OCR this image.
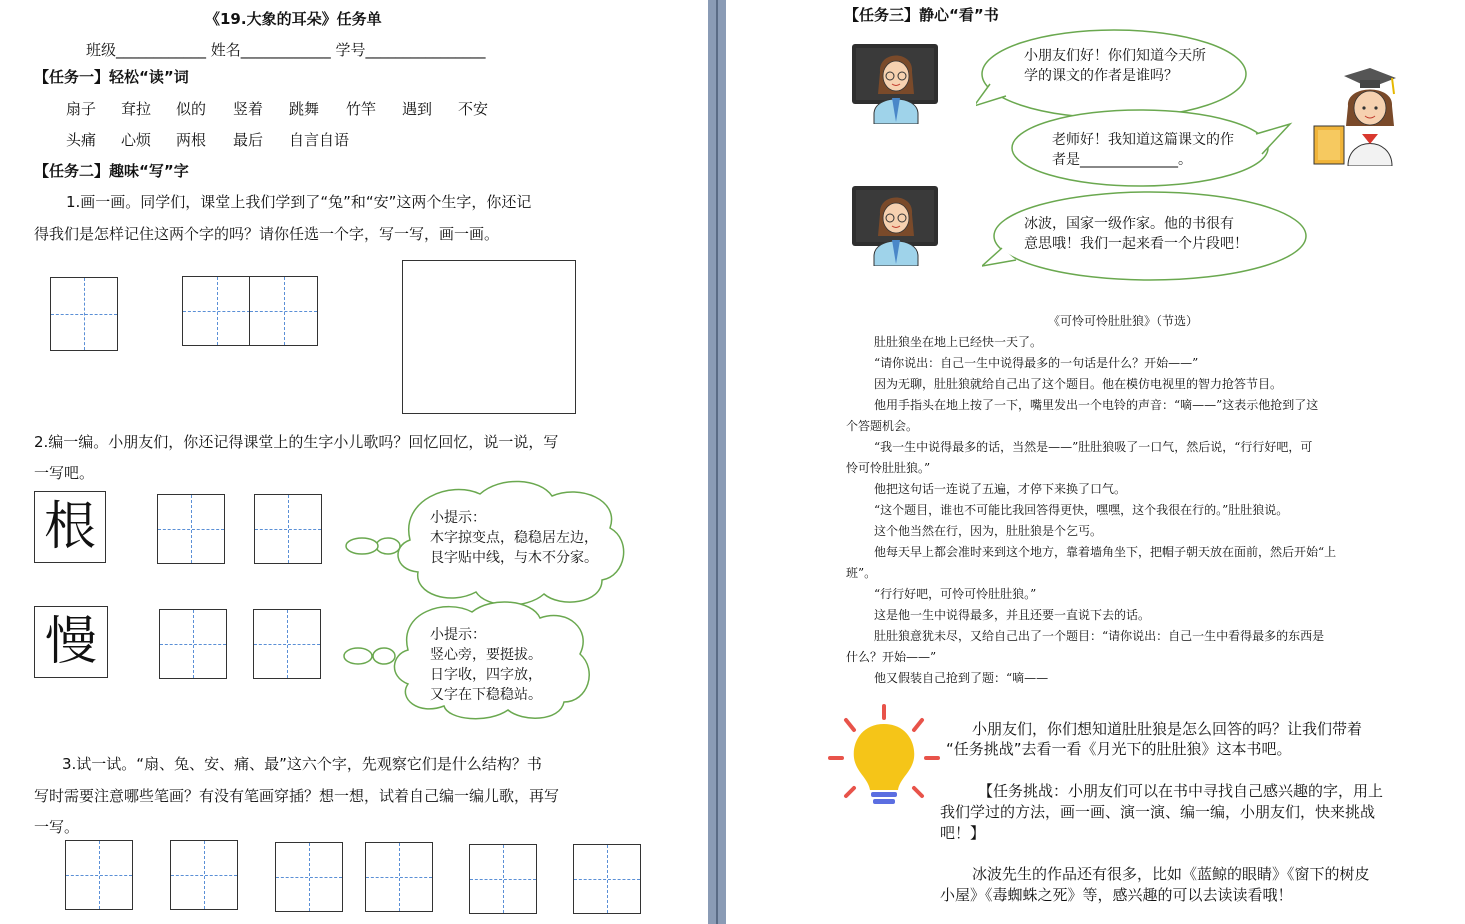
《19.大象的耳朵》任务单
班级____________ 姓名____________ 学号________________
【任务一】轻松“读”词
扇子 耷拉 似的 竖着 跳舞 竹竿 遇到 不安
头痛 心烦 两根 最后 自言自语
【任务二】趣味“写”字
1.画一画。同学们，课堂上我们学到了“兔”和“安”这两个生字，你还记
得我们是怎样记住这两个字的吗？请你任选一个字，写一写，画一画。
2.编一编。小朋友们，你还记得课堂上的生字小儿歌吗？回忆回忆，说一说，写
一写吧。
根	小提示：
木字掠变点，稳稳居左边，
艮字贴中线，与木不分家。
慢	小提示：
竖心旁，要挺拔。
日字收，四字放，
又字在下稳稳站。
3.试一试。“扇、兔、安、痛、最”这六个字，先观察它们是什么结构？书
写时需要注意哪些笔画？有没有笔画穿插？想一想，试着自己编一编儿歌，再写
一写。
【任务三】静心“看”书
小朋友们好！你们知道今天所
学的课文的作者是谁吗？
老师好！我知道这篇课文的作
者是______________。
冰波，国家一级作家。他的书很有
意思哦！我们一起来看一个片段吧！
《可怜可怜肚肚狼》（节选）
肚肚狼坐在地上已经快一天了。
“请你说出：自己一生中说得最多的一句话是什么？开始——”
因为无聊，肚肚狼就给自己出了这个题目。他在模仿电视里的智力抢答节目。
他用手指头在地上按了一下，嘴里发出一个电铃的声音：“嘀——”这表示他抢到了这
个答题机会。
“我一生中说得最多的话，当然是——”肚肚狼吸了一口气，然后说，“行行好吧，可
怜可怜肚肚狼。”
他把这句话一连说了五遍，才停下来换了口气。
“这个题目，谁也不可能比我回答得更快，嘿嘿，这个我很在行的。”肚肚狼说。
这个他当然在行，因为，肚肚狼是个乞丐。
他每天早上都会准时来到这个地方，靠着墙角坐下，把帽子朝天放在面前，然后开始“上
班”。
“行行好吧，可怜可怜肚肚狼。”
这是他一生中说得最多，并且还要一直说下去的话。
肚肚狼意犹未尽，又给自己出了一个题目：“请你说出：自己一生中看得最多的东西是
什么？开始——”
他又假装自己抢到了题：“嘀——
小朋友们，你们想知道肚肚狼是怎么回答的吗？让我们带着
“任务挑战”去看一看《月光下的肚肚狼》这本书吧。
【任务挑战：小朋友们可以在书中寻找自己感兴趣的字，用上
我们学过的方法，画一画、演一演、编一编，小朋友们，快来挑战
吧！】
冰波先生的作品还有很多，比如《蓝鲸的眼睛》《窗下的树皮
小屋》《毒蜘蛛之死》等，感兴趣的可以去读读看哦！
